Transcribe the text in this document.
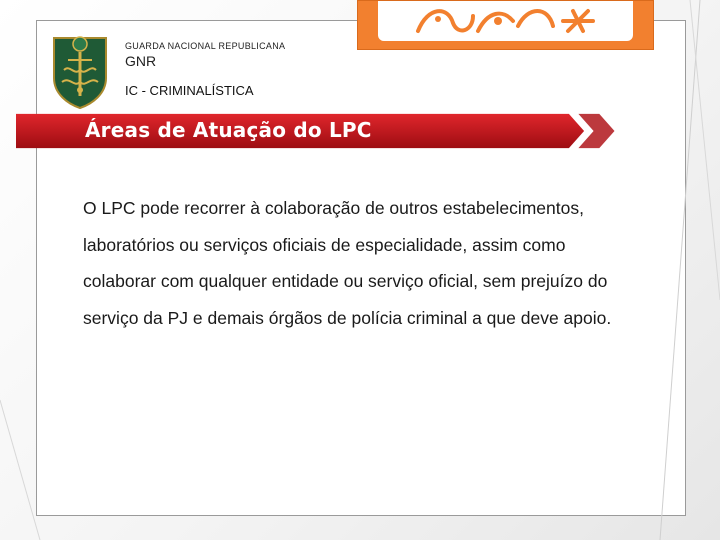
GUARDA NACIONAL REPUBLICANA
GNR
IC - CRIMINALÍSTICA
Áreas de Atuação do LPC
O LPC pode recorrer à colaboração de outros estabelecimentos, laboratórios ou serviços oficiais de especialidade, assim como colaborar com qualquer entidade ou serviço oficial, sem prejuízo do serviço da PJ e demais órgãos de polícia criminal a que deve apoio.
